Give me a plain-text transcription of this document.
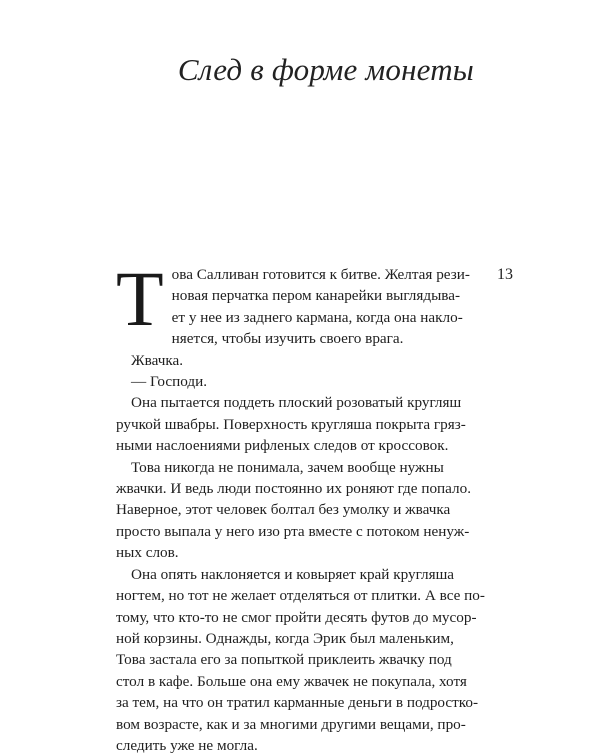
След в форме монеты
13
Т ова Салливан готовится к битве. Желтая рези-
новая перчатка пером канарейки выглядыва-
ет у нее из заднего кармана, когда она накло-
няется, чтобы изучить своего врага.
Жвачка.
— Господи.
Она пытается поддеть плоский розоватый кругляш
ручкой швабры. Поверхность кругляша покрыта гряз-
ными наслоениями рифленых следов от кроссовок.
Това никогда не понимала, зачем вообще нужны
жвачки. И ведь люди постоянно их роняют где попало.
Наверное, этот человек болтал без умолку и жвачка
просто выпала у него изо рта вместе с потоком ненуж-
ных слов.
Она опять наклоняется и ковыряет край кругляша
ногтем, но тот не желает отделяться от плитки. А все по-
тому, что кто-то не смог пройти десять футов до мусор-
ной корзины. Однажды, когда Эрик был маленьким,
Това застала его за попыткой приклеить жвачку под
стол в кафе. Больше она ему жвачек не покупала, хотя
за тем, на что он тратил карманные деньги в подростко-
вом возрасте, как и за многими другими вещами, про-
следить уже не могла.
